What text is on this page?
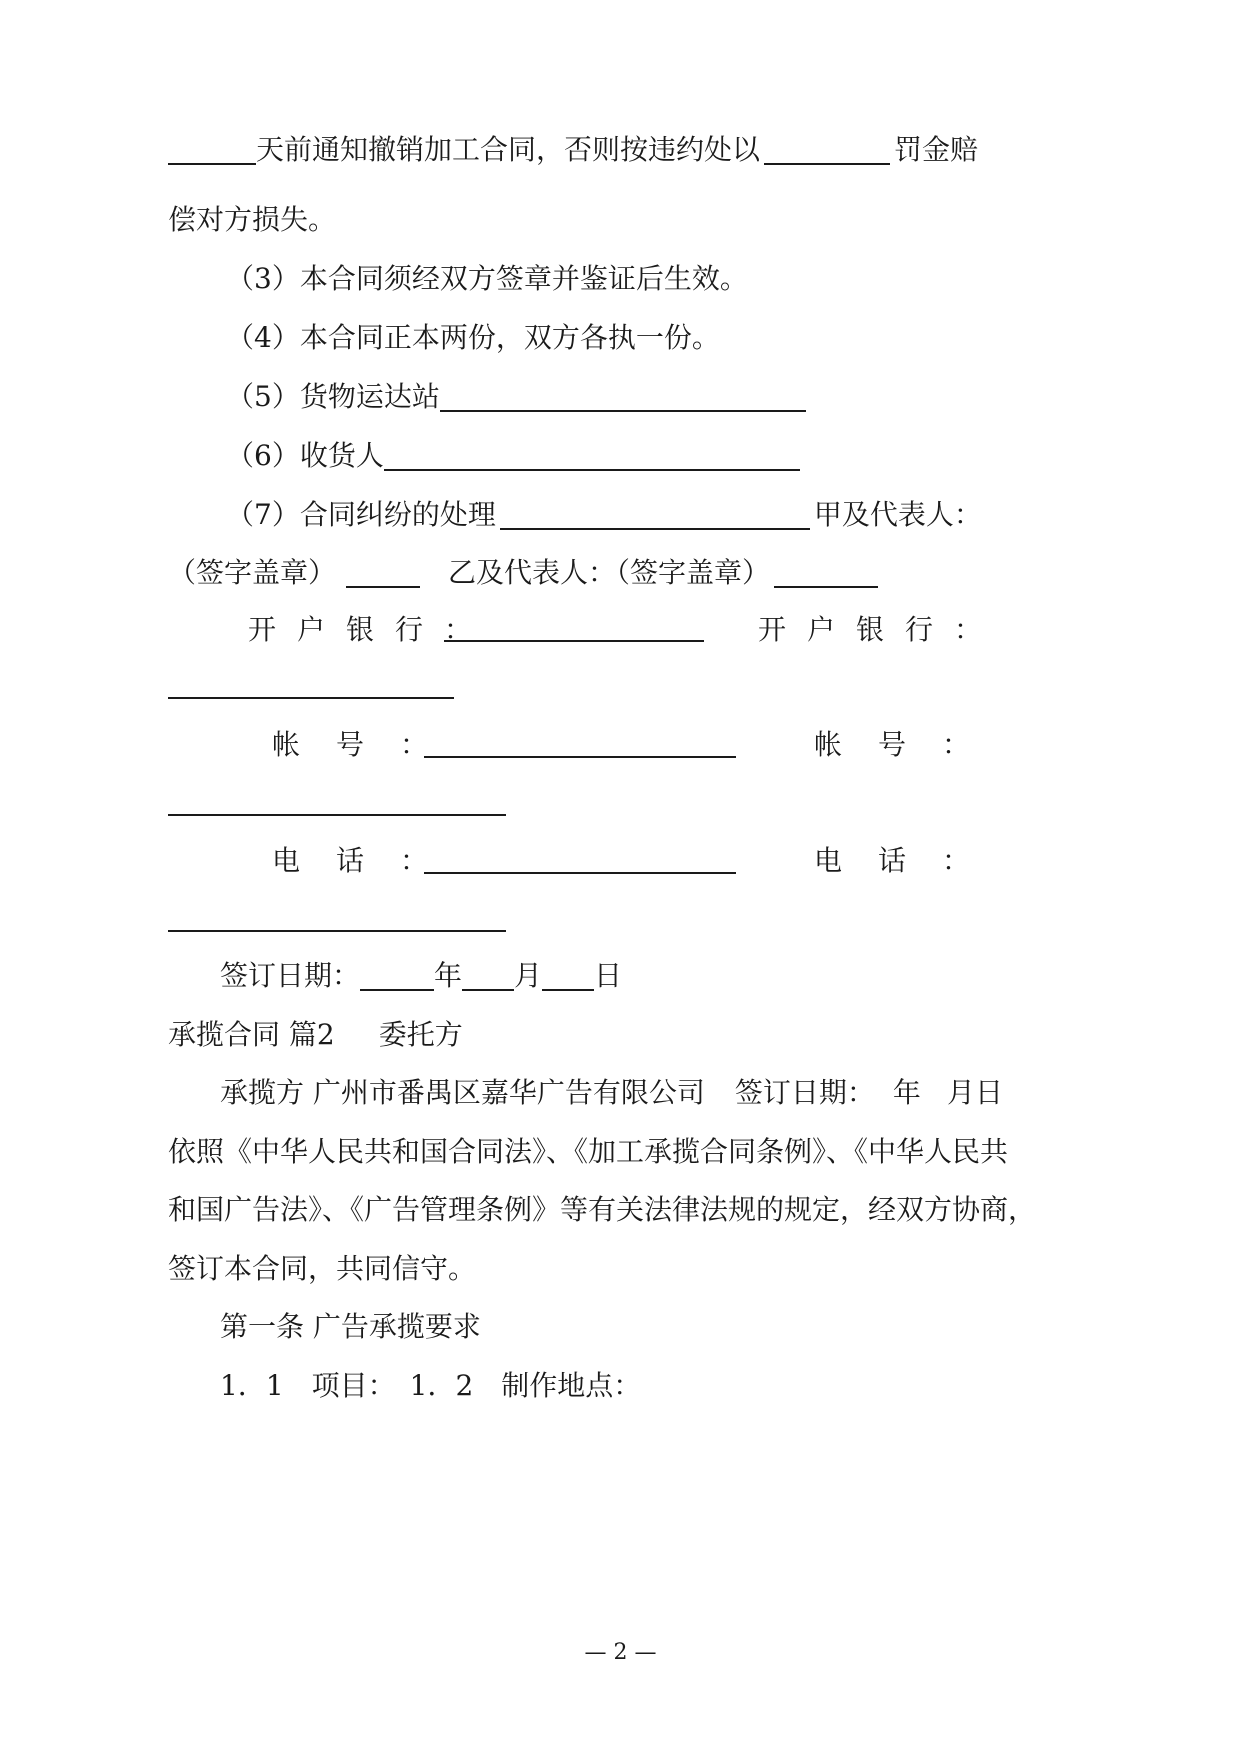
天前通知撤销加工合同，否则按违约处以	罚金赔
偿对方损失。
（3）本合同须经双方签章并鉴证后生效。
（4）本合同正本两份，双方各执一份。
（5）货物运达站
（6）收货人
（7）合同纠纷的处理	甲及代表人：
（签字盖章）	乙及代表人：（签字盖章）
开户银行：	开户银行：
帐号：	帐号：
电话：	电话：
签订日期：	年 月 日
承揽合同 篇2 委托方
承揽方 广州市番禺区嘉华广告有限公司 签订日期： 年 月日
依照《中华人民共和国合同法》、《加工承揽合同条例》、《中华人民共
和国广告法》、《广告管理条例》等有关法律法规的规定，经双方协商，
签订本合同，共同信守。
第一条 广告承揽要求
1．1　项目：　1．2　制作地点：
— 2 —
